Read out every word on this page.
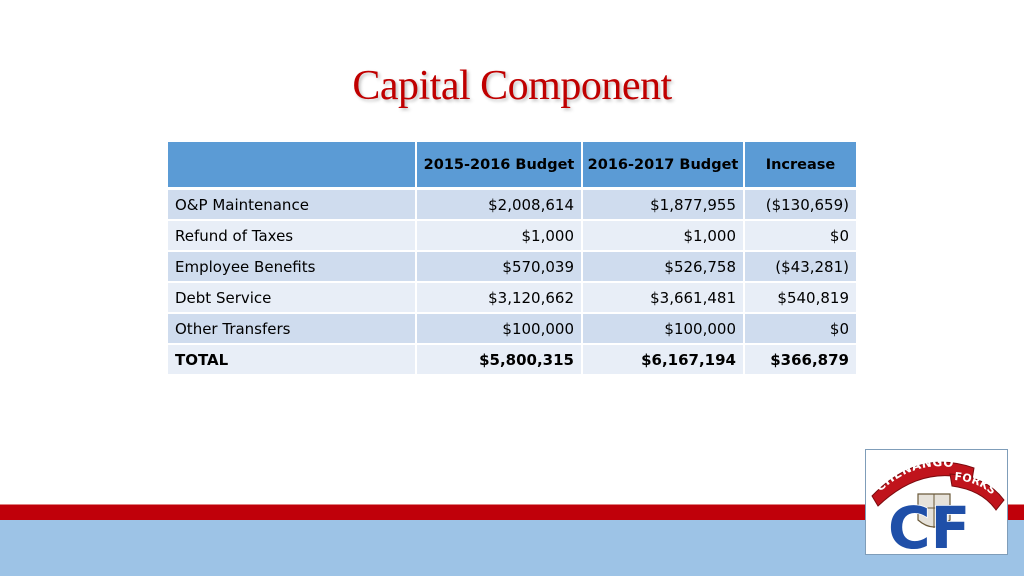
Capital Component
	2015-2016 Budget	2016-2017 Budget	Increase
O&P Maintenance	$2,008,614	$1,877,955	($130,659)
Refund of Taxes	$1,000	$1,000	$0
Employee Benefits	$570,039	$526,758	($43,281)
Debt Service	$3,120,662	$3,661,481	$540,819
Other Transfers	$100,000	$100,000	$0
TOTAL	$5,800,315	$6,167,194	$366,879
CHENANGO
FORKS
CF
